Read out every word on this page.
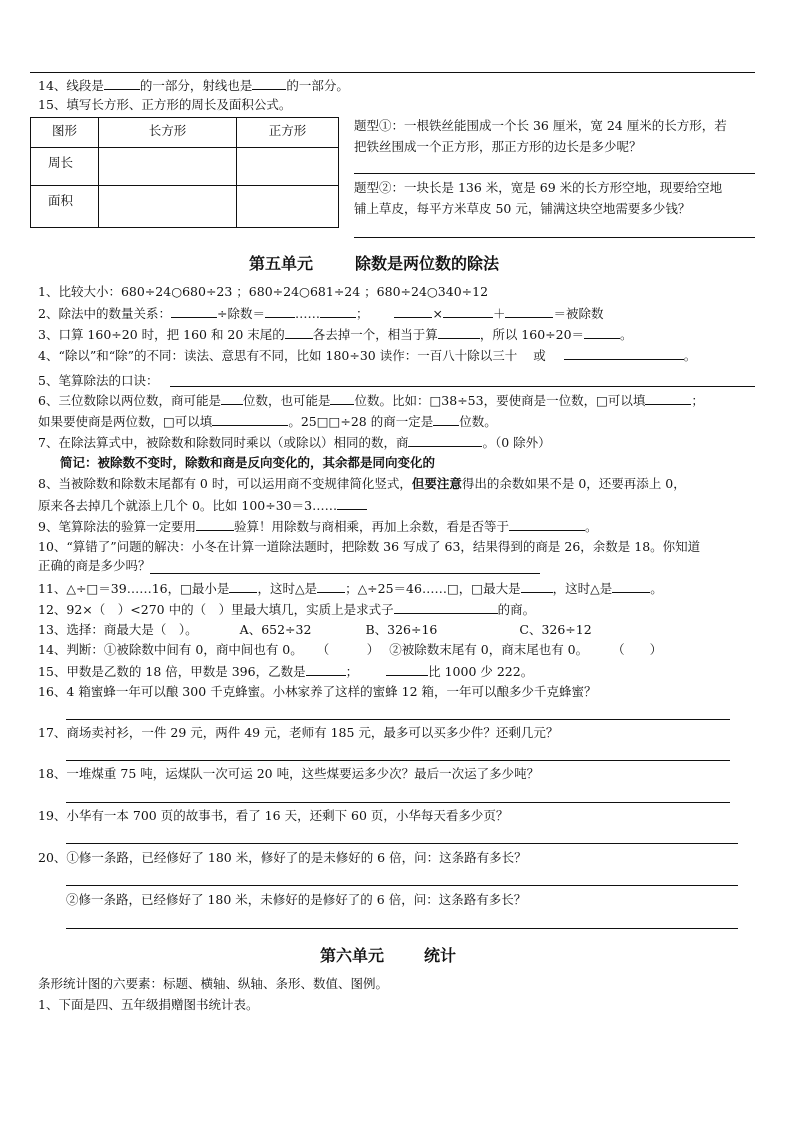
14、线段是	的一部分，射线也是	的一部分。
15、填写长方形、正方形的周长及面积公式。
图形	长方形	正方形
周长		
面积		
题型①：一根铁丝能围成一个长 36 厘米，宽 24 厘米的长方形，若
把铁丝围成一个正方形，那正方形的边长是多少呢？
题型②：一块长是 136 米，宽是 69 米的长方形空地，现要给空地
铺上草皮，每平方米草皮 50 元，铺满这块空地需要多少钱？
第五单元	除数是两位数的除法
1、比较大小：680÷24○680÷23 ；680÷24○681÷24 ；680÷24○340÷12
2、除法中的数量关系：	÷除数＝ ……	；	×	＋	＝被除数
3、口算 160÷20 时，把 160 和 20 末尾的 各去掉一个，相当于算	，所以 160÷20＝	。
4、“除以”和“除”的不同：读法、意思有不同，比如 180÷30 读作：一百八十除以三十 或	。
5、笔算除法的口诀：
6、三位数除以两位数，商可能是 位数，也可能是 位数。比如：□38÷53，要使商是一位数，□可以填	；
如果要使商是两位数，□可以填	。25□□÷28 的商一定是 位数。
7、在除法算式中，被除数和除数同时乘以（或除以）相同的数，商	。（0 除外）
简记：被除数不变时，除数和商是反向变化的，其余都是同向变化的
8、当被除数和除数末尾都有 0 时，可以运用商不变规律简化竖式，但要注意得出的余数如果不是 0，还要再添上 0，
原来各去掉几个就添上几个 0。比如 100÷30＝3……
9、笔算除法的验算一定要用	验算！用除数与商相乘，再加上余数，看是否等于	。
10、“算错了”问题的解决：小冬在计算一道除法题时，把除数 36 写成了 63，结果得到的商是 26，余数是 18。你知道
正确的商是多少吗？
11、△÷□＝39……16，□最小是 ，这时△是 ；△÷25＝46……□，□最大是	，这时△是	。
12、92×（　）<270 中的（　）里最大填几，实质上是求式子	的商。
13、选择：商最大是（　）。	A、652÷32	B、326÷16	C、326÷12
14、判断：①被除数中间有 0，商中间也有 0。 （　　　） ②被除数末尾有 0，商末尾也有 0。 （　　）
15、甲数是乙数的 18 倍，甲数是 396，乙数是	；	比 1000 少 222。
16、4 箱蜜蜂一年可以酿 300 千克蜂蜜。小林家养了这样的蜜蜂 12 箱，一年可以酿多少千克蜂蜜？
17、商场卖衬衫，一件 29 元，两件 49 元，老师有 185 元，最多可以买多少件？还剩几元？
18、一堆煤重 75 吨，运煤队一次可运 20 吨，这些煤要运多少次？最后一次运了多少吨？
19、小华有一本 700 页的故事书，看了 16 天，还剩下 60 页，小华每天看多少页？
20、①修一条路，已经修好了 180 米，修好了的是未修好的 6 倍，问：这条路有多长？
②修一条路，已经修好了 180 米，未修好的是修好了的 6 倍，问：这条路有多长？
第六单元	统计
条形统计图的六要素：标题、横轴、纵轴、条形、数值、图例。
1、下面是四、五年级捐赠图书统计表。
